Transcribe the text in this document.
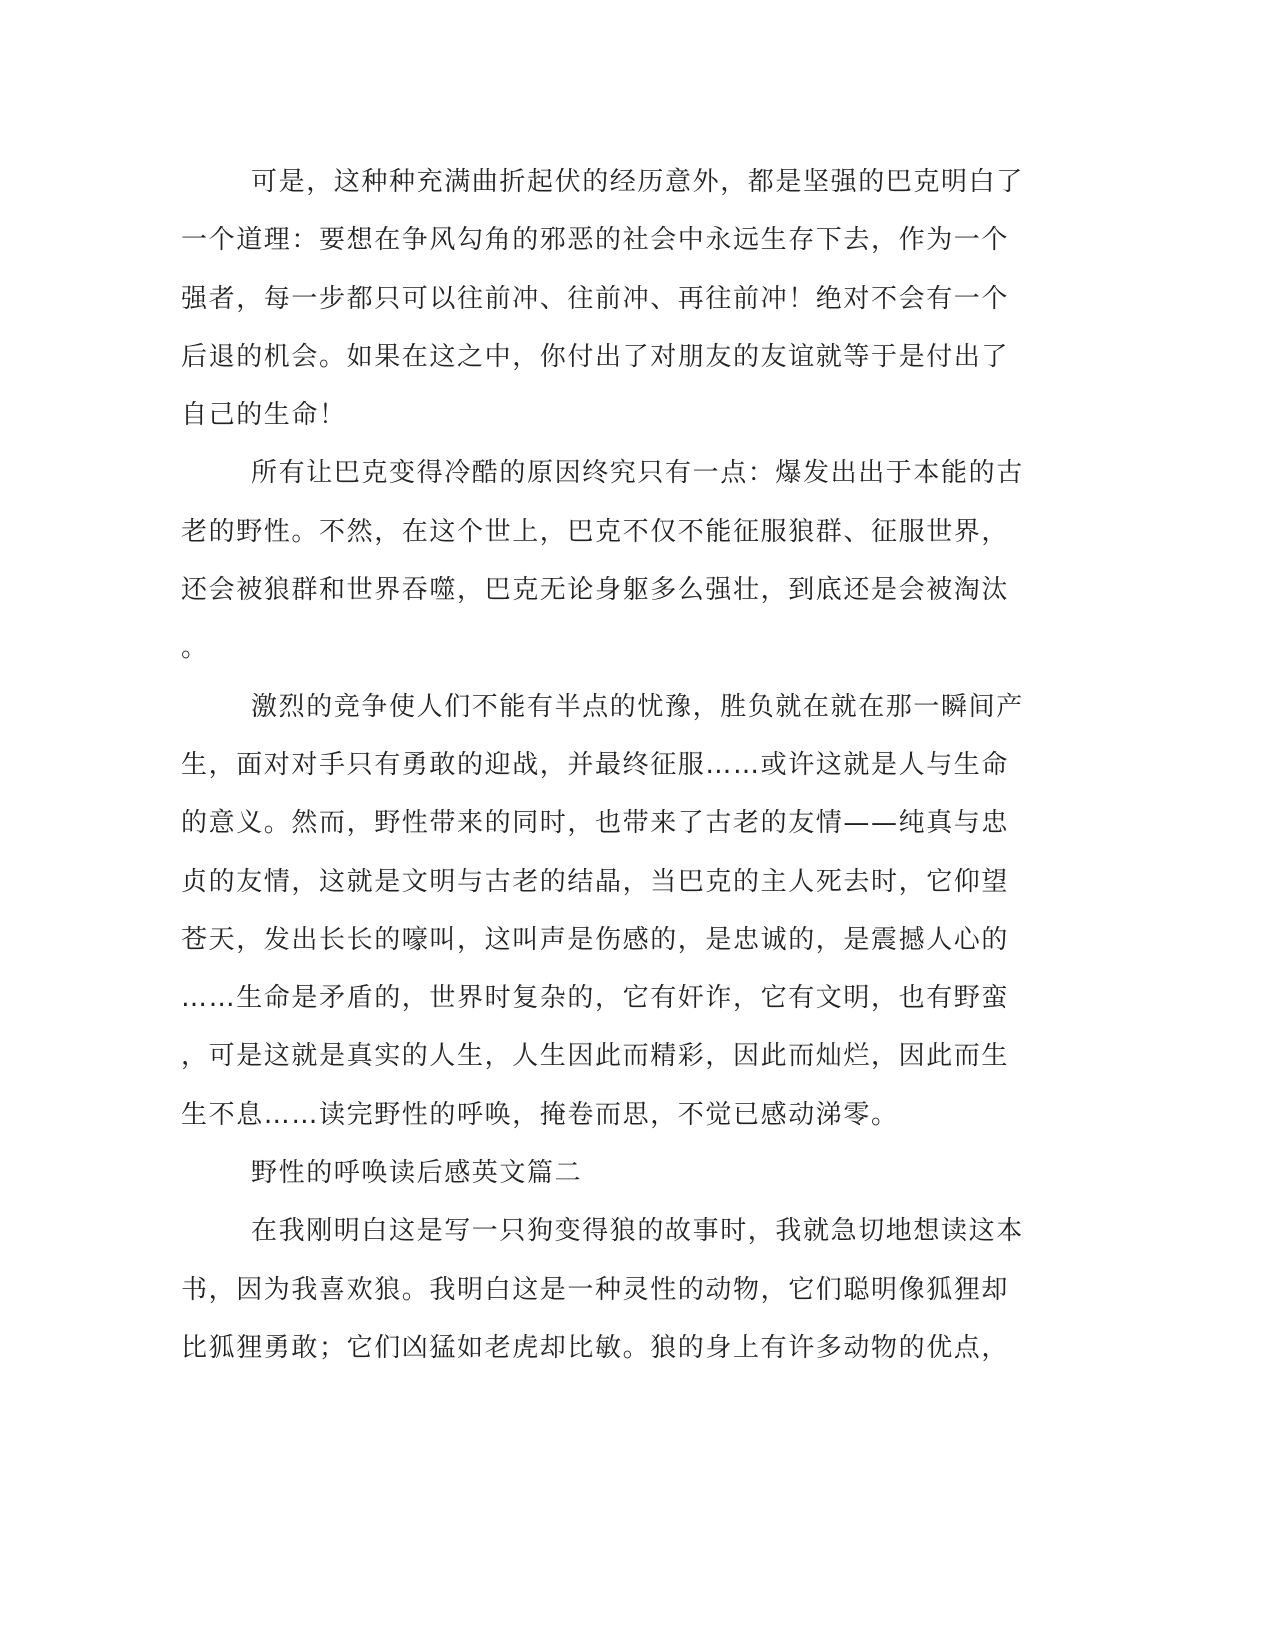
可是，这种种充满曲折起伏的经历意外，都是坚强的巴克明白了
一个道理：要想在争风勾角的邪恶的社会中永远生存下去，作为一个
强者，每一步都只可以往前冲、往前冲、再往前冲！绝对不会有一个
后退的机会。如果在这之中，你付出了对朋友的友谊就等于是付出了
自己的生命！
所有让巴克变得冷酷的原因终究只有一点：爆发出出于本能的古
老的野性。不然，在这个世上，巴克不仅不能征服狼群、征服世界，
还会被狼群和世界吞噬，巴克无论身躯多么强壮，到底还是会被淘汰
。
激烈的竞争使人们不能有半点的忧豫，胜负就在就在那一瞬间产
生，面对对手只有勇敢的迎战，并最终征服……或许这就是人与生命
的意义。然而，野性带来的同时，也带来了古老的友情——纯真与忠
贞的友情，这就是文明与古老的结晶，当巴克的主人死去时，它仰望
苍天，发出长长的嚎叫，这叫声是伤感的，是忠诚的，是震撼人心的
……生命是矛盾的，世界时复杂的，它有奸诈，它有文明，也有野蛮
，可是这就是真实的人生，人生因此而精彩，因此而灿烂，因此而生
生不息……读完野性的呼唤，掩卷而思，不觉已感动涕零。
野性的呼唤读后感英文篇二
在我刚明白这是写一只狗变得狼的故事时，我就急切地想读这本
书，因为我喜欢狼。我明白这是一种灵性的动物，它们聪明像狐狸却
比狐狸勇敢；它们凶猛如老虎却比敏。狼的身上有许多动物的优点，
